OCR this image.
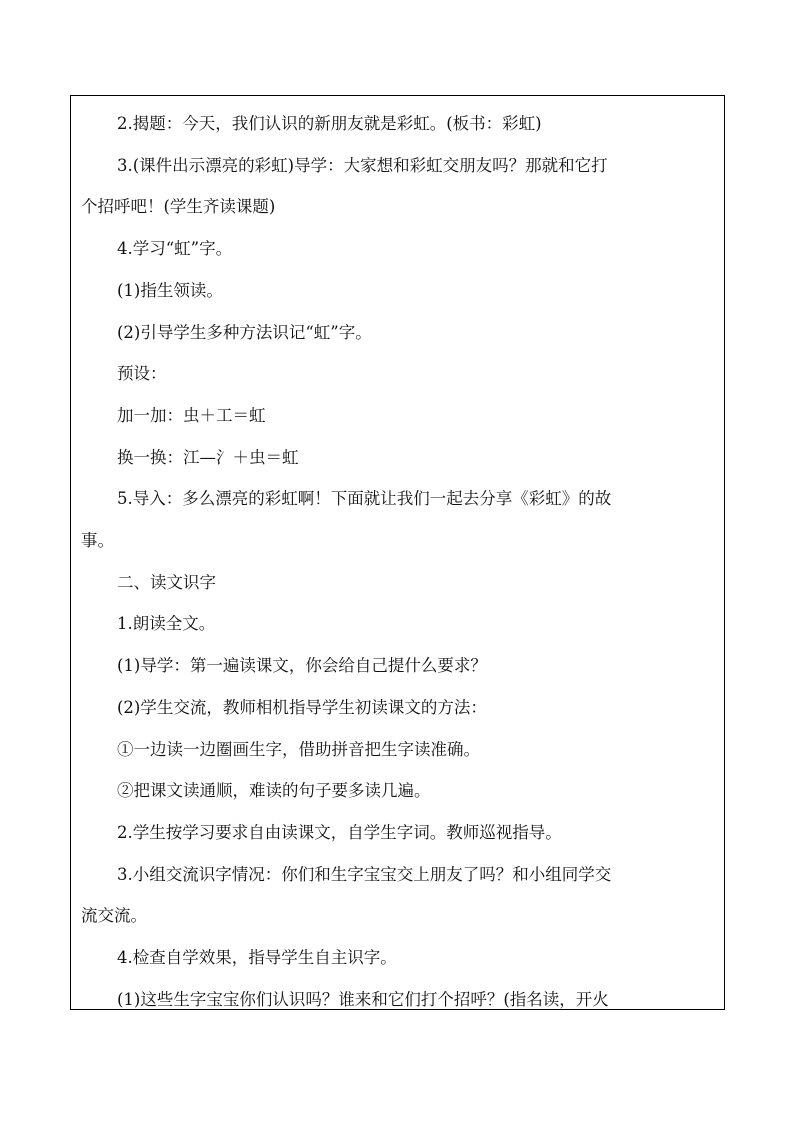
2.揭题：今天，我们认识的新朋友就是彩虹。(板书：彩虹)
3.(课件出示漂亮的彩虹)导学：大家想和彩虹交朋友吗？那就和它打
个招呼吧！(学生齐读课题)
4.学习“虹”字。
(1)指生领读。
(2)引导学生多种方法识记“虹”字。
预设：
加一加：虫＋工＝虹
换一换：江—氵＋虫＝虹
5.导入：多么漂亮的彩虹啊！下面就让我们一起去分享《彩虹》的故
事。
二、读文识字
1.朗读全文。
(1)导学：第一遍读课文，你会给自己提什么要求？
(2)学生交流，教师相机指导学生初读课文的方法：
①一边读一边圈画生字，借助拼音把生字读准确。
②把课文读通顺，难读的句子要多读几遍。
2.学生按学习要求自由读课文，自学生字词。教师巡视指导。
3.小组交流识字情况：你们和生字宝宝交上朋友了吗？和小组同学交
流交流。
4.检查自学效果，指导学生自主识字。
(1)这些生字宝宝你们认识吗？谁来和它们打个招呼？(指名读，开火
